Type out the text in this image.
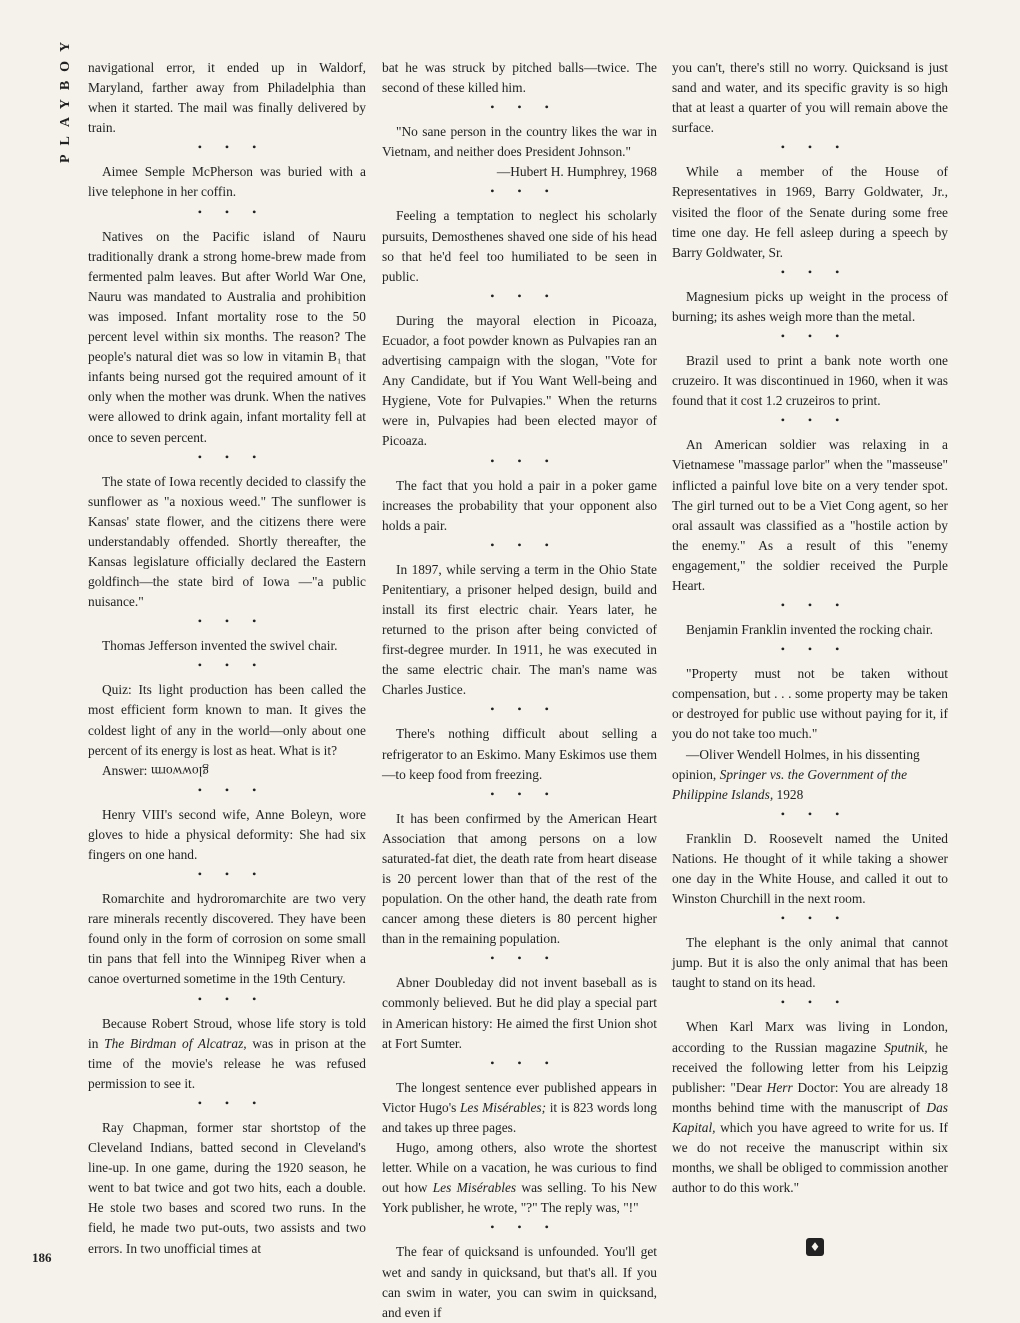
PLAYBOY
186

navigational error, it ended up in Waldorf, Maryland, farther away from Philadelphia than when it started. The mail was finally delivered by train.

• • •

Aimee Semple McPherson was buried with a live telephone in her coffin.

• • •

Natives on the Pacific island of Nauru traditionally drank a strong home-brew made from fermented palm leaves. But after World War One, Nauru was mandated to Australia and prohibition was imposed. Infant mortality rose to the 50 percent level within six months. The reason? The people's natural diet was so low in vitamin B₁ that infants being nursed got the required amount of it only when the mother was drunk. When the natives were allowed to drink again, infant mortality fell at once to seven percent.

• • •

The state of Iowa recently decided to classify the sunflower as "a noxious weed." The sunflower is Kansas' state flower, and the citizens there were understandably offended. Shortly thereafter, the Kansas legislature officially declared the Eastern goldfinch—the state bird of Iowa —"a public nuisance."

• • •

Thomas Jefferson invented the swivel chair.

• • •

Quiz: Its light production has been called the most efficient form known to man. It gives the coldest light of any in the world—only about one percent of its energy is lost as heat. What is it?

Answer: glowworm

• • •

Henry VIII's second wife, Anne Boleyn, wore gloves to hide a physical deformity: She had six fingers on one hand.

• • •

Romarchite and hydroromarchite are two very rare minerals recently discovered. They have been found only in the form of corrosion on some small tin pans that fell into the Winnipeg River when a canoe overturned sometime in the 19th Century.

• • •

Because Robert Stroud, whose life story is told in The Birdman of Alcatraz, was in prison at the time of the movie's release he was refused permission to see it.

• • •

Ray Chapman, former star shortstop of the Cleveland Indians, batted second in Cleveland's line-up. In one game, during the 1920 season, he went to bat twice and got two hits, each a double. He stole two bases and scored two runs. In the field, he made two put-outs, two assists and two errors. In two unofficial times at

bat he was struck by pitched balls—twice. The second of these killed him.

• • •

"No sane person in the country likes the war in Vietnam, and neither does President Johnson."

—Hubert H. Humphrey, 1968

• • •

Feeling a temptation to neglect his scholarly pursuits, Demosthenes shaved one side of his head so that he'd feel too humiliated to be seen in public.

• • •

During the mayoral election in Picoaza, Ecuador, a foot powder known as Pulvapies ran an advertising campaign with the slogan, "Vote for Any Candidate, but if You Want Well-being and Hygiene, Vote for Pulvapies." When the returns were in, Pulvapies had been elected mayor of Picoaza.

• • •

The fact that you hold a pair in a poker game increases the probability that your opponent also holds a pair.

• • •

In 1897, while serving a term in the Ohio State Penitentiary, a prisoner helped design, build and install its first electric chair. Years later, he returned to the prison after being convicted of first-degree murder. In 1911, he was executed in the same electric chair. The man's name was Charles Justice.

• • •

There's nothing difficult about selling a refrigerator to an Eskimo. Many Eskimos use them—to keep food from freezing.

• • •

It has been confirmed by the American Heart Association that among persons on a low saturated-fat diet, the death rate from heart disease is 20 percent lower than that of the rest of the population. On the other hand, the death rate from cancer among these dieters is 80 percent higher than in the remaining population.

• • •

Abner Doubleday did not invent baseball as is commonly believed. But he did play a special part in American history: He aimed the first Union shot at Fort Sumter.

• • •

The longest sentence ever published appears in Victor Hugo's Les Misérables; it is 823 words long and takes up three pages.

Hugo, among others, also wrote the shortest letter. While on a vacation, he was curious to find out how Les Misérables was selling. To his New York publisher, he wrote, "?" The reply was, "!"

• • •

The fear of quicksand is unfounded. You'll get wet and sandy in quicksand, but that's all. If you can swim in water, you can swim in quicksand, and even if

you can't, there's still no worry. Quicksand is just sand and water, and its specific gravity is so high that at least a quarter of you will remain above the surface.

• • •

While a member of the House of Representatives in 1969, Barry Goldwater, Jr., visited the floor of the Senate during some free time one day. He fell asleep during a speech by Barry Goldwater, Sr.

• • •

Magnesium picks up weight in the process of burning; its ashes weigh more than the metal.

• • •

Brazil used to print a bank note worth one cruzeiro. It was discontinued in 1960, when it was found that it cost 1.2 cruzeiros to print.

• • •

An American soldier was relaxing in a Vietnamese "massage parlor" when the "masseuse" inflicted a painful love bite on a very tender spot. The girl turned out to be a Viet Cong agent, so her oral assault was classified as a "hostile action by the enemy." As a result of this "enemy engagement," the soldier received the Purple Heart.

• • •

Benjamin Franklin invented the rocking chair.

• • •

"Property must not be taken without compensation, but . . . some property may be taken or destroyed for public use without paying for it, if you do not take too much."

—Oliver Wendell Holmes, in his dissenting opinion, Springer vs. the Government of the Philippine Islands, 1928

• • •

Franklin D. Roosevelt named the United Nations. He thought of it while taking a shower one day in the White House, and called it out to Winston Churchill in the next room.

• • •

The elephant is the only animal that cannot jump. But it is also the only animal that has been taught to stand on its head.

• • •

When Karl Marx was living in London, according to the Russian magazine Sputnik, he received the following letter from his Leipzig publisher: "Dear Herr Doctor: You are already 18 months behind time with the manuscript of Das Kapital, which you have agreed to write for us. If we do not receive the manuscript within six months, we shall be obliged to commission another author to do this work."

♦
